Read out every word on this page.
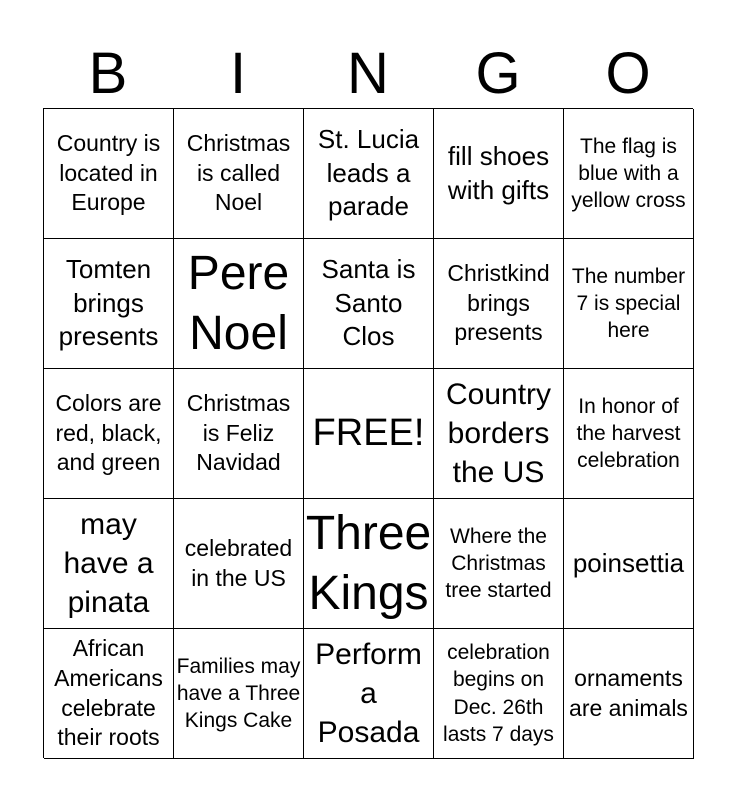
B	I	N	G	O
Country is located in Europe
Christmas is called Noel
St. Lucia leads a parade
fill shoes with gifts
The flag is blue with a yellow cross
Tomten brings presents
Pere Noel
Santa is Santo Clos
Christkind brings presents
The number 7 is special here
Colors are red, black, and green
Christmas is Feliz Navidad
FREE!
Country borders the US
In honor of the harvest celebration
may have a pinata
celebrated in the US
Three Kings
Where the Christmas tree started
poinsettia
African Americans celebrate their roots
Families may have a Three Kings Cake
Perform a Posada
celebration begins on Dec. 26th lasts 7 days
ornaments are animals
